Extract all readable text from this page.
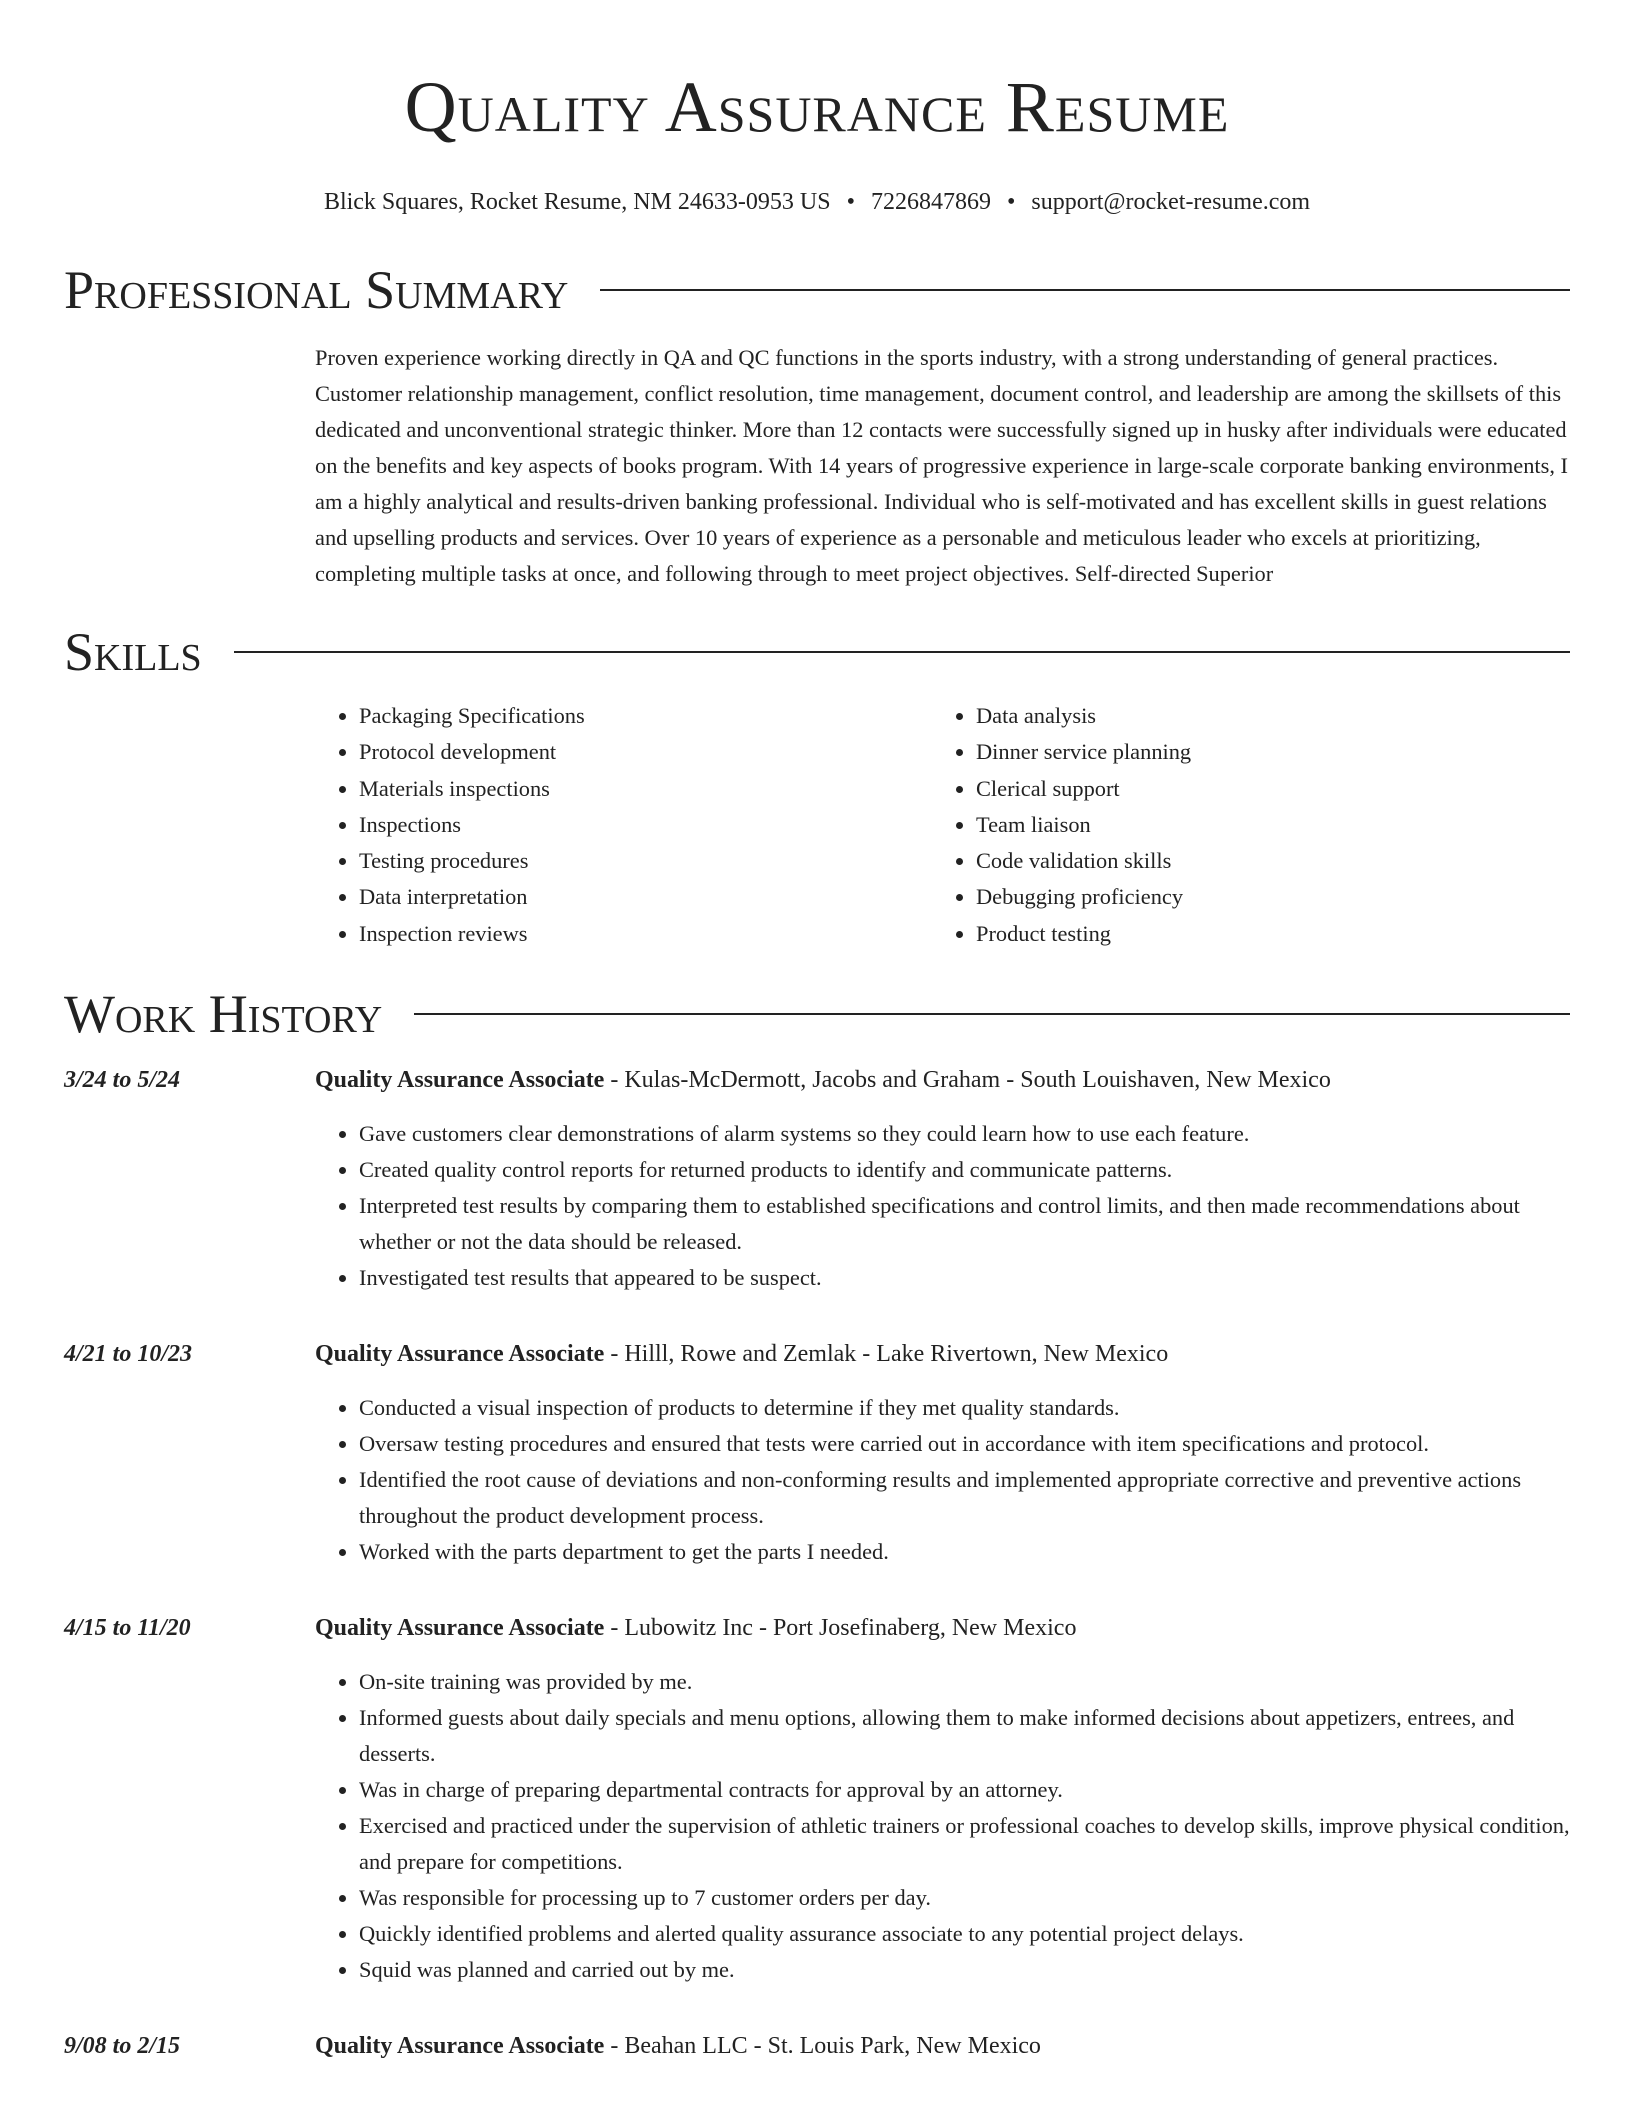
Quality Assurance Resume
Blick Squares, Rocket Resume, NM 24633-0953 US • 7226847869 • support@rocket-resume.com
Professional Summary
Proven experience working directly in QA and QC functions in the sports industry, with a strong understanding of general practices. Customer relationship management, conflict resolution, time management, document control, and leadership are among the skillsets of this dedicated and unconventional strategic thinker. More than 12 contacts were successfully signed up in husky after individuals were educated on the benefits and key aspects of books program. With 14 years of progressive experience in large-scale corporate banking environments, I am a highly analytical and results-driven banking professional. Individual who is self-motivated and has excellent skills in guest relations and upselling products and services. Over 10 years of experience as a personable and meticulous leader who excels at prioritizing, completing multiple tasks at once, and following through to meet project objectives. Self-directed Superior
Skills
• Packaging Specifications
• Protocol development
• Materials inspections
• Inspections
• Testing procedures
• Data interpretation
• Inspection reviews
• Data analysis
• Dinner service planning
• Clerical support
• Team liaison
• Code validation skills
• Debugging proficiency
• Product testing
Work History
3/24 to 5/24	Quality Assurance Associate - Kulas-McDermott, Jacobs and Graham - South Louishaven, New Mexico
• Gave customers clear demonstrations of alarm systems so they could learn how to use each feature.
• Created quality control reports for returned products to identify and communicate patterns.
• Interpreted test results by comparing them to established specifications and control limits, and then made recommendations about whether or not the data should be released.
• Investigated test results that appeared to be suspect.
4/21 to 10/23	Quality Assurance Associate - Hilll, Rowe and Zemlak - Lake Rivertown, New Mexico
• Conducted a visual inspection of products to determine if they met quality standards.
• Oversaw testing procedures and ensured that tests were carried out in accordance with item specifications and protocol.
• Identified the root cause of deviations and non-conforming results and implemented appropriate corrective and preventive actions throughout the product development process.
• Worked with the parts department to get the parts I needed.
4/15 to 11/20	Quality Assurance Associate - Lubowitz Inc - Port Josefinaberg, New Mexico
• On-site training was provided by me.
• Informed guests about daily specials and menu options, allowing them to make informed decisions about appetizers, entrees, and desserts.
• Was in charge of preparing departmental contracts for approval by an attorney.
• Exercised and practiced under the supervision of athletic trainers or professional coaches to develop skills, improve physical condition, and prepare for competitions.
• Was responsible for processing up to 7 customer orders per day.
• Quickly identified problems and alerted quality assurance associate to any potential project delays.
• Squid was planned and carried out by me.
9/08 to 2/15	Quality Assurance Associate - Beahan LLC - St. Louis Park, New Mexico
